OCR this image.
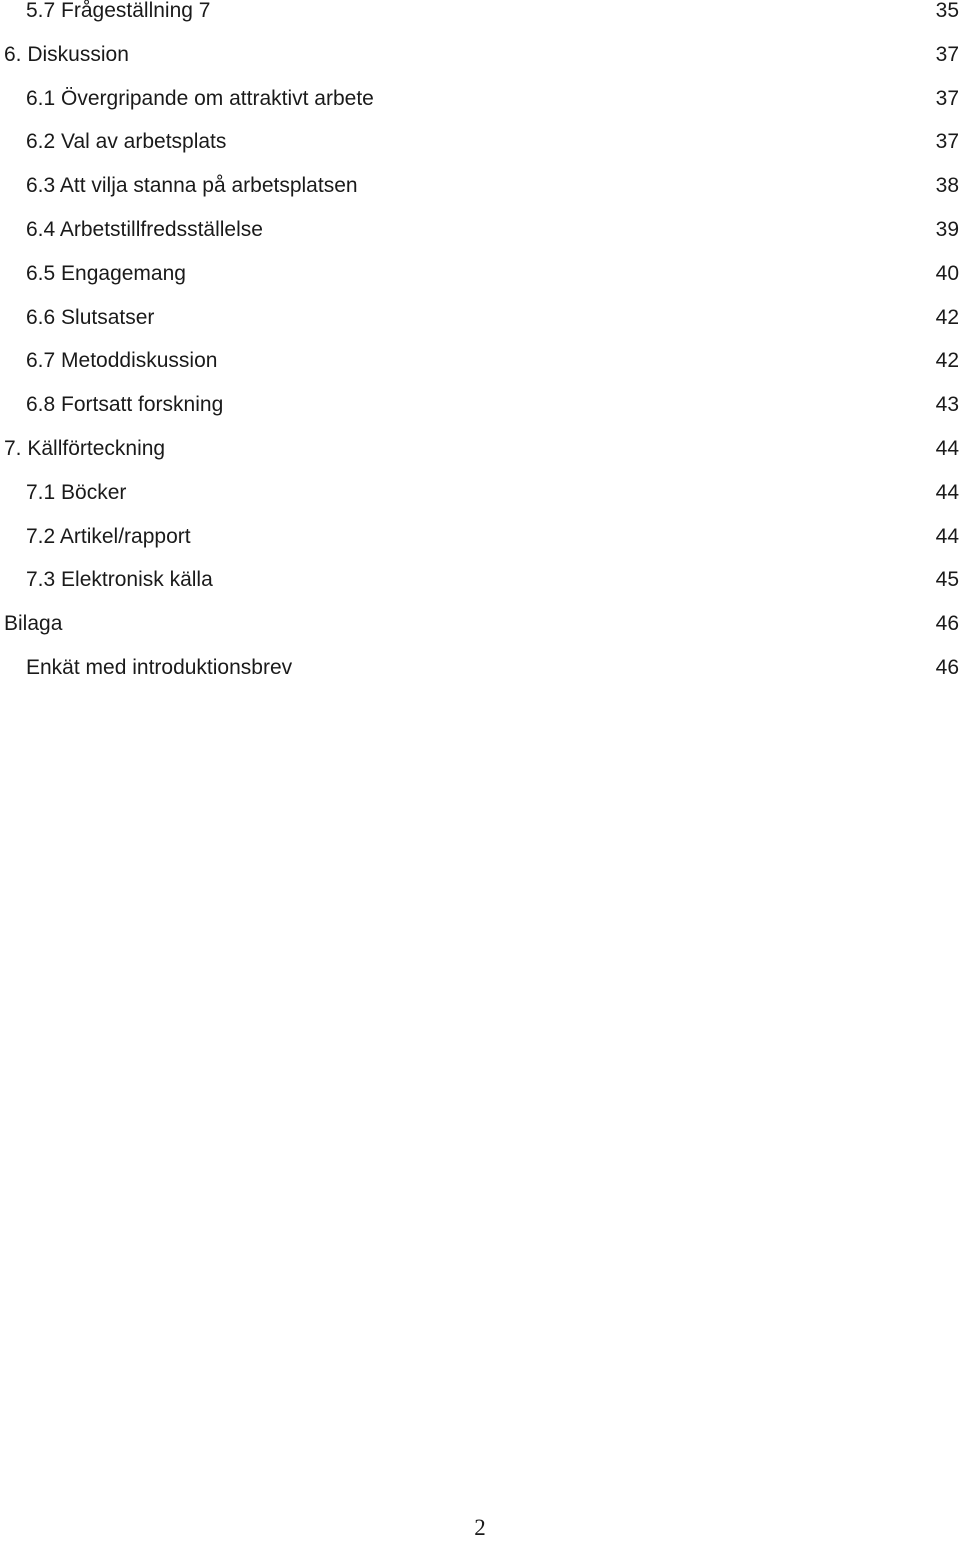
5.7 Frågeställning 7	35
6. Diskussion	37
6.1 Övergripande om attraktivt arbete	37
6.2 Val av arbetsplats	37
6.3 Att vilja stanna på arbetsplatsen	38
6.4 Arbetstillfredsställelse	39
6.5 Engagemang	40
6.6 Slutsatser	42
6.7 Metoddiskussion	42
6.8 Fortsatt forskning	43
7. Källförteckning	44
7.1 Böcker	44
7.2 Artikel/rapport	44
7.3 Elektronisk källa	45
Bilaga	46
Enkät med introduktionsbrev	46
2
